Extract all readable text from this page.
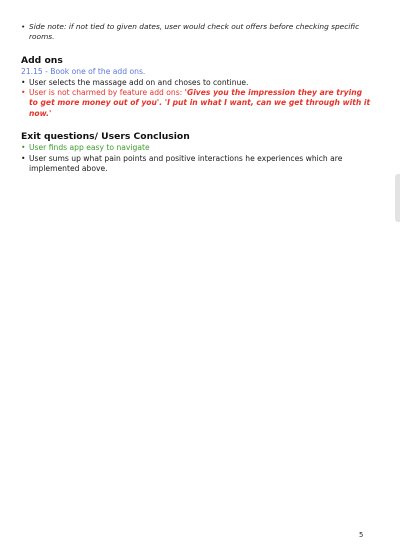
• Side note: if not tied to given dates, user would check out offers before checking specific rooms.
Add ons
21.15 - Book one of the add ons.
• User selects the massage add on and choses to continue.
• User is not charmed by feature add ons: 'Gives you the impression they are trying to get more money out of you'. 'I put in what I want, can we get through with it now.'
Exit questions/ Users Conclusion
• User finds app easy to navigate
• User sums up what pain points and positive interactions he experiences which are implemented above.
5
